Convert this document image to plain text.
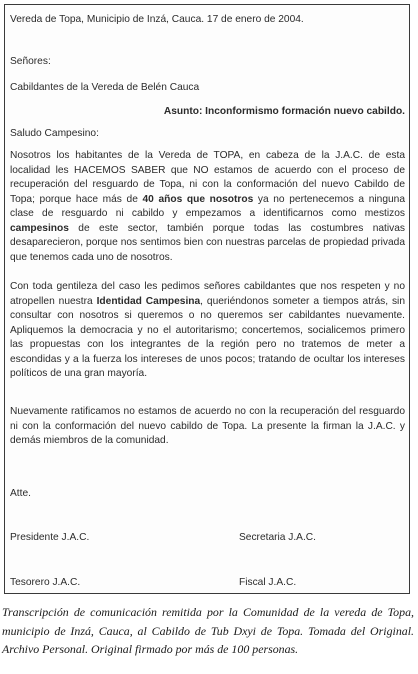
Vereda de Topa, Municipio de Inzá, Cauca. 17 de enero de 2004.

Señores:

Cabildantes de la Vereda de Belén Cauca

Asunto: Inconformismo formación nuevo cabildo.

Saludo Campesino:

Nosotros los habitantes de la Vereda de TOPA, en cabeza de la J.A.C. de esta localidad les HACEMOS SABER que NO estamos de acuerdo con el proceso de recuperación del resguardo de Topa, ni con la conformación del nuevo Cabildo de Topa; porque hace más de 40 años que nosotros ya no pertenecemos a ninguna clase de resguardo ni cabildo y empezamos a identificarnos como mestizos campesinos de este sector, también porque todas las costumbres nativas desaparecieron, porque nos sentimos bien con nuestras parcelas de propiedad privada que tenemos cada uno de nosotros.

Con toda gentileza del caso les pedimos señores cabildantes que nos respeten y no atropellen nuestra Identidad Campesina, queriéndonos someter a tiempos atrás, sin consultar con nosotros si queremos o no queremos ser cabildantes nuevamente. Apliquemos la democracia y no el autoritarismo; concertemos, socialicemos primero las propuestas con los integrantes de la región pero no tratemos de meter a escondidas y a la fuerza los intereses de unos pocos; tratando de ocultar los intereses políticos de una gran mayoría.

Nuevamente ratificamos no estamos de acuerdo no con la recuperación del resguardo ni con la conformación del nuevo cabildo de Topa. La presente la firman la J.A.C. y demás miembros de la comunidad.

Atte.

Presidente J.A.C.	Secretaria J.A.C.
Tesorero J.A.C.	Fiscal J.A.C.

Transcripción de comunicación remitida por la Comunidad de la vereda de Topa, municipio de Inzá, Cauca, al Cabildo de Tub Dxyi de Topa. Tomada del Original. Archivo Personal. Original firmado por más de 100 personas.
